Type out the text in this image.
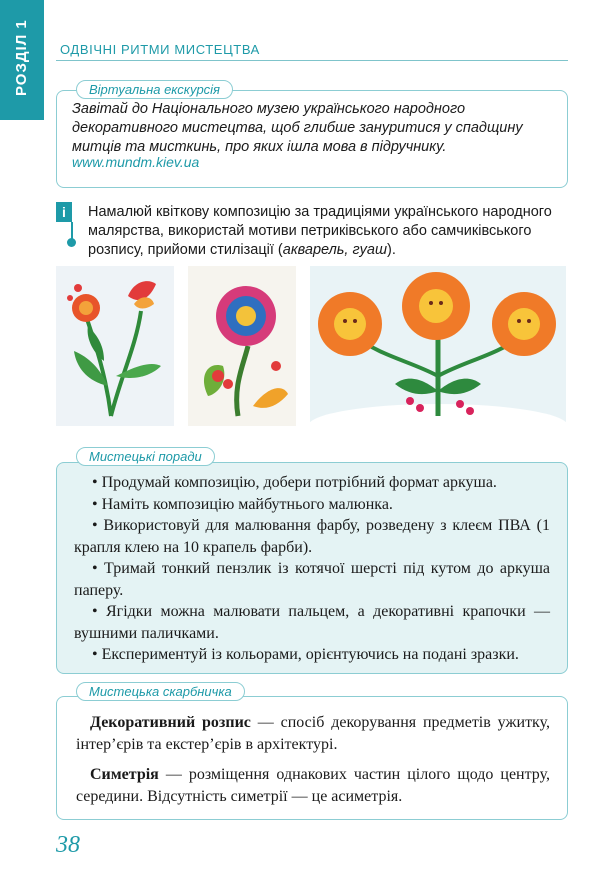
РОЗДІЛ 1	ОДВІЧНІ РИТМИ МИСТЕЦТВА
Віртуальна екскурсія
Завітай до Національного музею українського народного декоративного мистецтва, щоб глибше зануритися у спадщину митців та мисткинь, про яких ішла мова в підручнику.
www.mundm.kiev.ua
i	Намалюй квіткову композицію за традиціями українського народного малярства, використай мотиви петриківського або самчиківського розпису, прийоми стилізації (акварель, гуаш).
Мистецькі поради
• Продумай композицію, добери потрібний формат аркуша.
• Наміть композицію майбутнього малюнка.
• Використовуй для малювання фарбу, розведену з клеєм ПВА (1 крапля клею на 10 крапель фарби).
• Тримай тонкий пензлик із котячої шерсті під кутом до аркуша паперу.
• Ягідки можна малювати пальцем, а декоративні крапочки — вушними паличками.
• Експериментуй із кольорами, орієнтуючись на подані зразки.
Мистецька скарбничка

Декоративний розпис — спосіб декорування предметів ужитку, інтер’єрів та екстер’єрів в архітектурі.

Симетрія — розміщення однакових частин цілого щодо центру, середини. Відсутність симетрії — це асиметрія.

38
